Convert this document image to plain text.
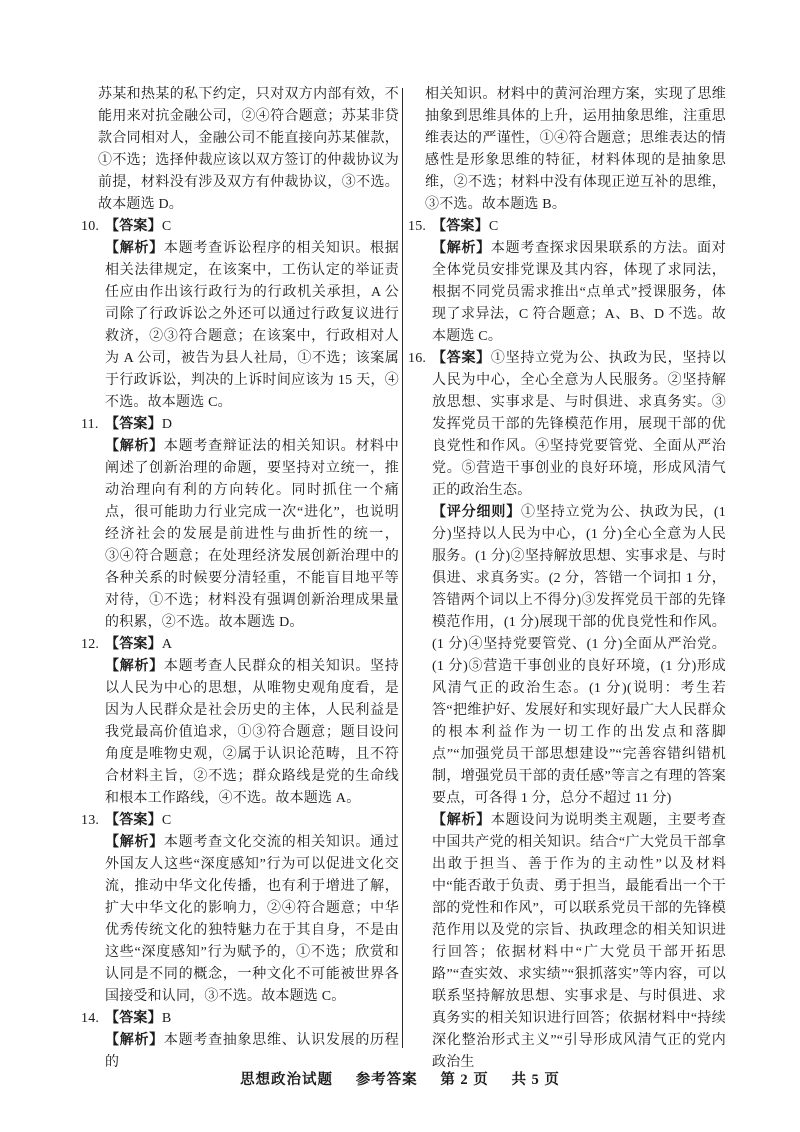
苏某和热某的私下约定，只对双方内部有效，不能用来对抗金融公司，②④符合题意；苏某非贷款合同相对人，金融公司不能直接向苏某催款，①不选；选择仲裁应该以双方签订的仲裁协议为前提，材料没有涉及双方有仲裁协议，③不选。故本题选 D。
10. 【答案】C
【解析】本题考查诉讼程序的相关知识。根据相关法律规定，在该案中，工伤认定的举证责任应由作出该行政行为的行政机关承担，A 公司除了行政诉讼之外还可以通过行政复议进行救济，②③符合题意；在该案中，行政相对人为 A 公司，被告为县人社局，①不选；该案属于行政诉讼，判决的上诉时间应该为 15 天，④不选。故本题选 C。
11. 【答案】D
【解析】本题考查辩证法的相关知识。材料中阐述了创新治理的命题，要坚持对立统一，推动治理向有利的方向转化。同时抓住一个痛点，很可能助力行业完成一次“进化”，也说明经济社会的发展是前进性与曲折性的统一，③④符合题意；在处理经济发展创新治理中的各种关系的时候要分清轻重，不能盲目地平等对待，①不选；材料没有强调创新治理成果量的积累，②不选。故本题选 D。
12. 【答案】A
【解析】本题考查人民群众的相关知识。坚持以人民为中心的思想，从唯物史观角度看，是因为人民群众是社会历史的主体，人民利益是我党最高价值追求，①③符合题意；题目设问角度是唯物史观，②属于认识论范畴，且不符合材料主旨，②不选；群众路线是党的生命线和根本工作路线，④不选。故本题选 A。
13. 【答案】C
【解析】本题考查文化交流的相关知识。通过外国友人这些“深度感知”行为可以促进文化交流，推动中华文化传播，也有利于增进了解，扩大中华文化的影响力，②④符合题意；中华优秀传统文化的独特魅力在于其自身，不是由这些“深度感知”行为赋予的，①不选；欣赏和认同是不同的概念，一种文化不可能被世界各国接受和认同，③不选。故本题选 C。
14. 【答案】B
【解析】本题考查抽象思维、认识发展的历程的
相关知识。材料中的黄河治理方案，实现了思维抽象到思维具体的上升，运用抽象思维，注重思维表达的严谨性，①④符合题意；思维表达的情感性是形象思维的特征，材料体现的是抽象思维，②不选；材料中没有体现正逆互补的思维，③不选。故本题选 B。
15. 【答案】C
【解析】本题考查探求因果联系的方法。面对全体党员安排党课及其内容，体现了求同法，根据不同党员需求推出“点单式”授课服务，体现了求异法，C 符合题意；A、B、D 不选。故本题选 C。
16. 【答案】①坚持立党为公、执政为民，坚持以人民为中心，全心全意为人民服务。②坚持解放思想、实事求是、与时俱进、求真务实。③发挥党员干部的先锋模范作用，展现干部的优良党性和作风。④坚持党要管党、全面从严治党。⑤营造干事创业的良好环境，形成风清气正的政治生态。
【评分细则】①坚持立党为公、执政为民，(1 分)坚持以人民为中心，(1 分)全心全意为人民服务。(1 分)②坚持解放思想、实事求是、与时俱进、求真务实。(2 分，答错一个词扣 1 分，答错两个词以上不得分)③发挥党员干部的先锋模范作用，(1 分)展现干部的优良党性和作风。(1 分)④坚持党要管党、(1 分)全面从严治党。(1 分)⑤营造干事创业的良好环境，(1 分)形成风清气正的政治生态。(1 分)(说明：考生若答“把维护好、发展好和实现好最广大人民群众的根本利益作为一切工作的出发点和落脚点”“加强党员干部思想建设”“完善容错纠错机制，增强党员干部的责任感”等言之有理的答案要点，可各得 1 分，总分不超过 11 分)
【解析】本题设问为说明类主观题，主要考查中国共产党的相关知识。结合“广大党员干部拿出敢于担当、善于作为的主动性”以及材料中“能否敢于负责、勇于担当，最能看出一个干部的党性和作风”，可以联系党员干部的先锋模范作用以及党的宗旨、执政理念的相关知识进行回答；依据材料中“广大党员干部开拓思路”“查实效、求实绩”“狠抓落实”等内容，可以联系坚持解放思想、实事求是、与时俱进、求真务实的相关知识进行回答；依据材料中“持续深化整治形式主义”“引导形成风清气正的党内政治生
思想政治试题 参考答案 第 2 页 共 5 页
